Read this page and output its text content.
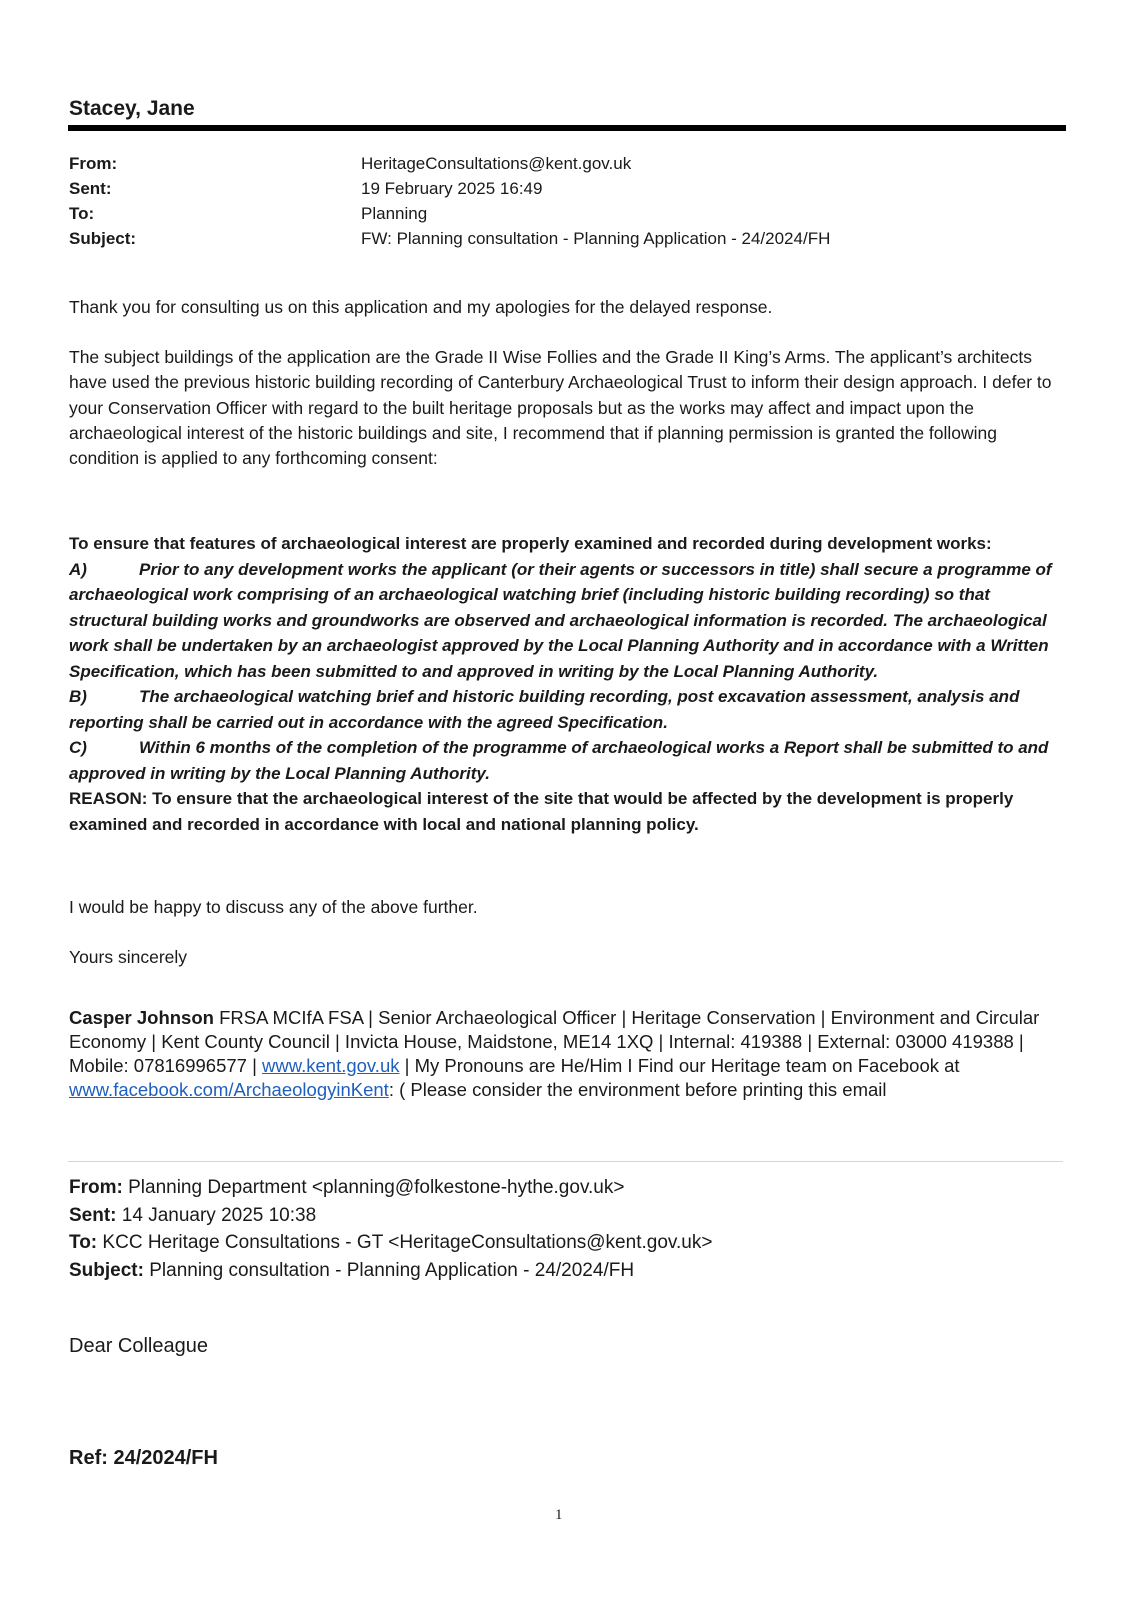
Stacey, Jane
From:	HeritageConsultations@kent.gov.uk
Sent:	19 February 2025 16:49
To:	Planning
Subject:	FW: Planning consultation - Planning Application - 24/2024/FH

Thank you for consulting us on this application and my apologies for the delayed response.

The subject buildings of the application are the Grade II Wise Follies and the Grade II King’s Arms. The applicant’s architects have used the previous historic building recording of Canterbury Archaeological Trust to inform their design approach. I defer to your Conservation Officer with regard to the built heritage proposals but as the works may affect and impact upon the archaeological interest of the historic buildings and site, I recommend that if planning permission is granted the following condition is applied to any forthcoming consent:

To ensure that features of archaeological interest are properly examined and recorded during development works:

A)	Prior to any development works the applicant (or their agents or successors in title) shall secure a programme of archaeological work comprising of an archaeological watching brief (including historic building recording) so that structural building works and groundworks are observed and archaeological information is recorded. The archaeological work shall be undertaken by an archaeologist approved by the Local Planning Authority and in accordance with a Written Specification, which has been submitted to and approved in writing by the Local Planning Authority.

B)	The archaeological watching brief and historic building recording, post excavation assessment, analysis and reporting shall be carried out in accordance with the agreed Specification.

C)	Within 6 months of the completion of the programme of archaeological works a Report shall be submitted to and approved in writing by the Local Planning Authority.

REASON: To ensure that the archaeological interest of the site that would be affected by the development is properly examined and recorded in accordance with local and national planning policy.

I would be happy to discuss any of the above further.

Yours sincerely

Casper Johnson FRSA MCIfA FSA | Senior Archaeological Officer | Heritage Conservation | Environment and Circular Economy | Kent County Council | Invicta House, Maidstone, ME14 1XQ | Internal: 419388 | External: 03000 419388 | Mobile: 07816996577 | www.kent.gov.uk | My Pronouns are He/Him I Find our Heritage team on Facebook at www.facebook.com/ArchaeologyinKent: ( Please consider the environment before printing this email

From: Planning Department <planning@folkestone-hythe.gov.uk>
Sent: 14 January 2025 10:38
To: KCC Heritage Consultations - GT <HeritageConsultations@kent.gov.uk>
Subject: Planning consultation - Planning Application - 24/2024/FH

Dear Colleague

Ref: 24/2024/FH

1
